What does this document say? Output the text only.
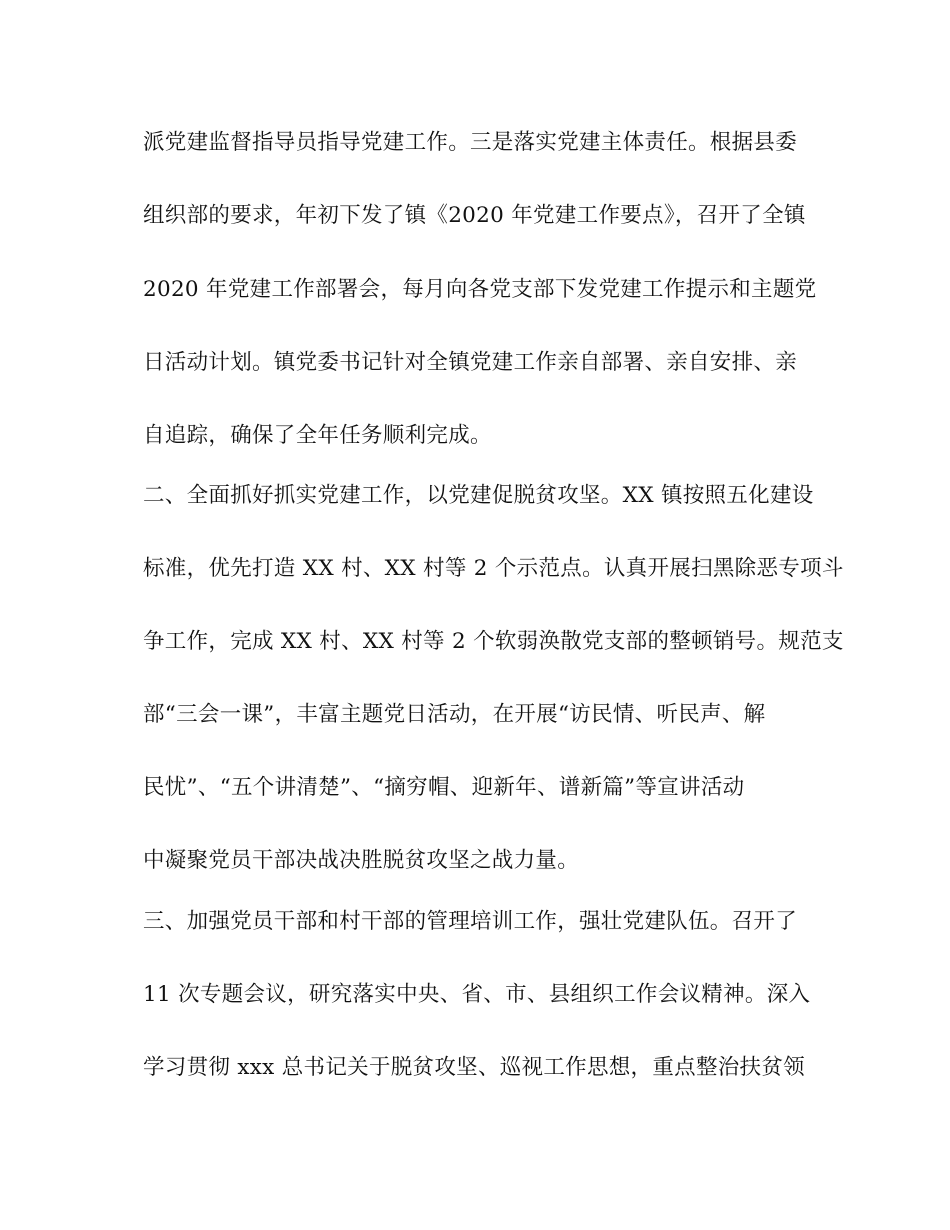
派党建监督指导员指导党建工作。三是落实党建主体责任。根据县委
组织部的要求，年初下发了镇《2020 年党建工作要点》，召开了全镇
2020 年党建工作部署会，每月向各党支部下发党建工作提示和主题党
日活动计划。镇党委书记针对全镇党建工作亲自部署、亲自安排、亲
自追踪，确保了全年任务顺利完成。
二、全面抓好抓实党建工作，以党建促脱贫攻坚。XX 镇按照五化建设
标准，优先打造 XX 村、XX 村等 2 个示范点。认真开展扫黑除恶专项斗
争工作，完成 XX 村、XX 村等 2 个软弱涣散党支部的整顿销号。规范支
部“三会一课”，丰富主题党日活动，在开展“访民情、听民声、解
民忧”、“五个讲清楚”、“摘穷帽、迎新年、谱新篇”等宣讲活动
中凝聚党员干部决战决胜脱贫攻坚之战力量。
三、加强党员干部和村干部的管理培训工作，强壮党建队伍。召开了
11 次专题会议，研究落实中央、省、市、县组织工作会议精神。深入
学习贯彻 xxx 总书记关于脱贫攻坚、巡视工作思想，重点整治扶贫领
